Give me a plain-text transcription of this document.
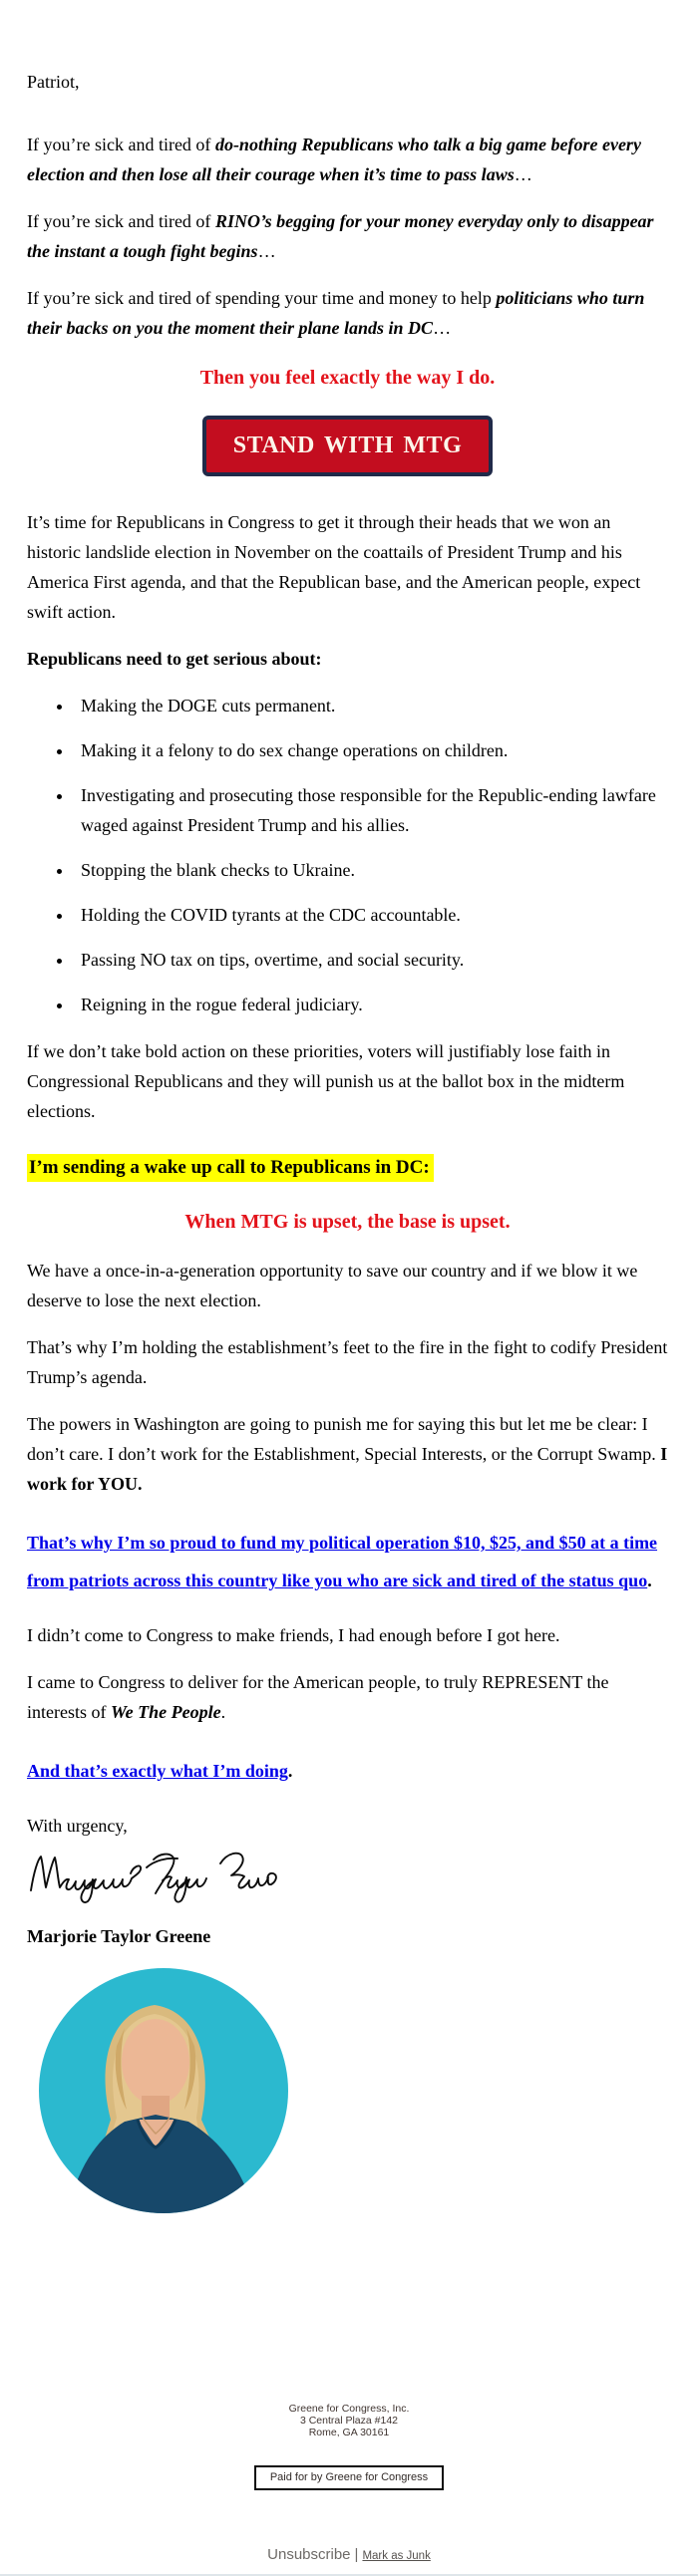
Patriot,

If you’re sick and tired of do-nothing Republicans who talk a big game before every election and then lose all their courage when it’s time to pass laws…

If you’re sick and tired of RINO’s begging for your money everyday only to disappear the instant a tough fight begins…

If you’re sick and tired of spending your time and money to help politicians who turn their backs on you the moment their plane lands in DC…

Then you feel exactly the way I do.

STAND WITH MTG

It’s time for Republicans in Congress to get it through their heads that we won an historic landslide election in November on the coattails of President Trump and his America First agenda, and that the Republican base, and the American people, expect swift action.

Republicans need to get serious about:

• Making the DOGE cuts permanent.
• Making it a felony to do sex change operations on children.
• Investigating and prosecuting those responsible for the Republic-ending lawfare waged against President Trump and his allies.
• Stopping the blank checks to Ukraine.
• Holding the COVID tyrants at the CDC accountable.
• Passing NO tax on tips, overtime, and social security.
• Reigning in the rogue federal judiciary.

If we don’t take bold action on these priorities, voters will justifiably lose faith in Congressional Republicans and they will punish us at the ballot box in the midterm elections.

I’m sending a wake up call to Republicans in DC:

When MTG is upset, the base is upset.

We have a once-in-a-generation opportunity to save our country and if we blow it we deserve to lose the next election.

That’s why I’m holding the establishment’s feet to the fire in the fight to codify President Trump’s agenda.

The powers in Washington are going to punish me for saying this but let me be clear: I don’t care. I don’t work for the Establishment, Special Interests, or the Corrupt Swamp. I work for YOU.

That’s why I’m so proud to fund my political operation $10, $25, and $50 at a time from patriots across this country like you who are sick and tired of the status quo.

I didn’t come to Congress to make friends, I had enough before I got here.

I came to Congress to deliver for the American people, to truly REPRESENT the interests of We The People.

And that’s exactly what I’m doing.

With urgency,

Marjorie Taylor Greene

Greene for Congress, Inc.
3 Central Plaza #142
Rome, GA 30161
Paid for by Greene for Congress
Unsubscribe | Mark as Junk
